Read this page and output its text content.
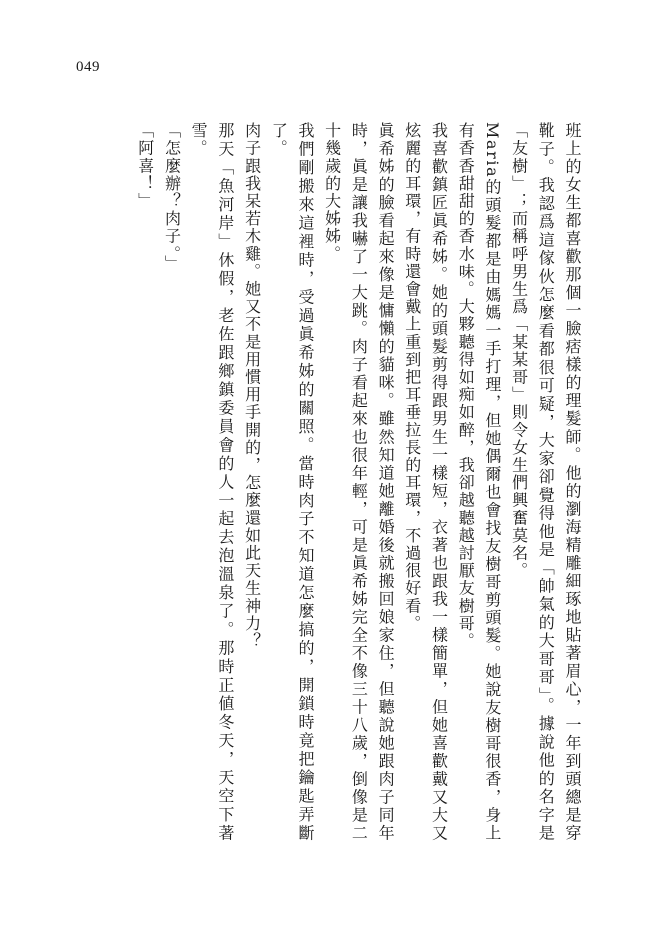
049

班上的女生都喜歡那個一臉痞樣的理髮師。他的瀏海精雕細琢地貼著眉心，一年到頭總是穿靴子。我認爲這傢伙怎麼看都很可疑，大家卻覺得他是「帥氣的大哥哥」。據說他的名字是「友樹」；而稱呼男生爲「某某哥」則令女生們興奮莫名。

Maria的頭髮都是由媽媽一手打理，但她偶爾也會找友樹哥剪頭髮。她說友樹哥很香，身上有香香甜甜的香水味。大夥聽得如痴如醉，我卻越聽越討厭友樹哥。

我喜歡鎮匠眞希姊。她的頭髮剪得跟男生一樣短，衣著也跟我一樣簡單，但她喜歡戴又大又炫麗的耳環，有時還會戴上重到把耳垂拉長的耳環，不過很好看。

眞希姊的臉看起來像是慵懶的貓咪。雖然知道她離婚後就搬回娘家住，但聽說她跟肉子同年時，眞是讓我嚇了一大跳。肉子看起來也很年輕，可是眞希姊完全不像三十八歲，倒像是二十幾歲的大姊姊。

我們剛搬來這裡時，受過眞希姊的關照。當時肉子不知道怎麼搞的，開鎖時竟把鑰匙弄斷了。

肉子跟我呆若木雞。她又不是用慣用手開的，怎麼還如此天生神力？

那天「魚河岸」休假，老佐跟鄉鎮委員會的人一起去泡溫泉了。那時正値冬天，天空下著雪。

「怎麼辦？肉子。」

「阿喜！」
